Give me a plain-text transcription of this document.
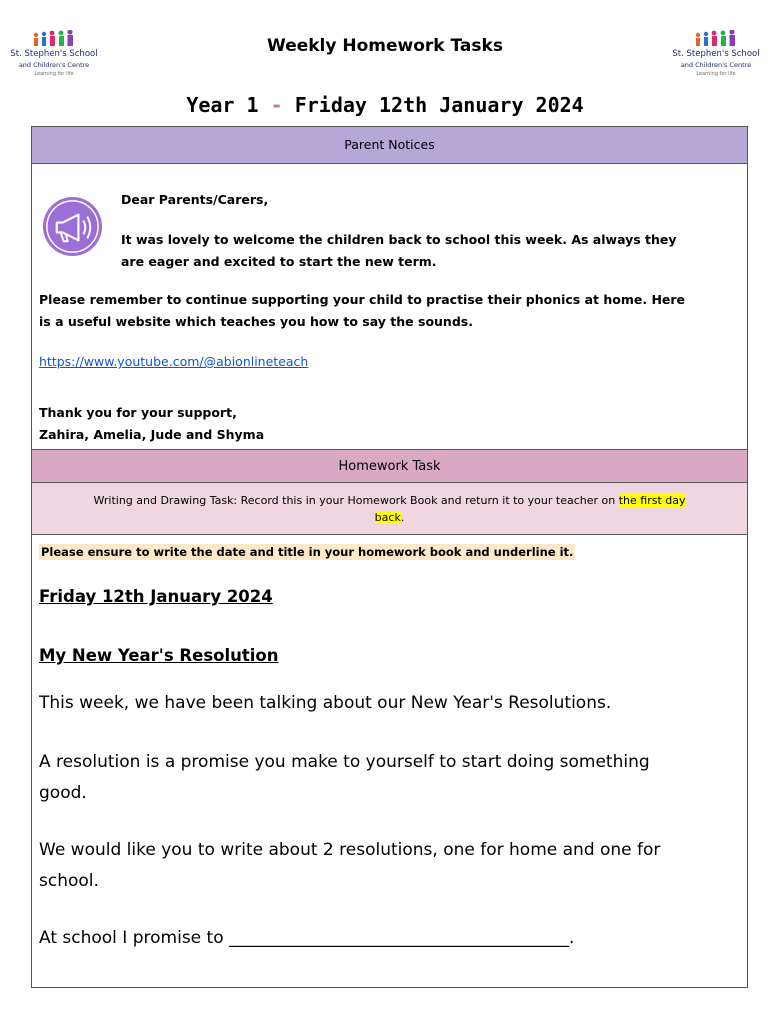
St. Stephen's School
and Children's Centre
Learning for life
St. Stephen's School
and Children's Centre
Learning for life
Weekly Homework Tasks
Year 1 - Friday 12th January 2024
Parent Notices
Dear Parents/Carers,
It was lovely to welcome the children back to school this week. As always they
are eager and excited to start the new term.
Please remember to continue supporting your child to practise their phonics at home. Here
is a useful website which teaches you how to say the sounds.
https://www.youtube.com/@abionlineteach
Thank you for your support,
Zahira, Amelia, Jude and Shyma
Homework Task
Writing and Drawing Task: Record this in your Homework Book and return it to your teacher on the first day
back.
Please ensure to write the date and title in your homework book and underline it.
Friday 12th January 2024
My New Year's Resolution
This week, we have been talking about our New Year's Resolutions.
A resolution is a promise you make to yourself to start doing something
good.
We would like you to write about 2 resolutions, one for home and one for
school.
At school I promise to ________________________________________.
